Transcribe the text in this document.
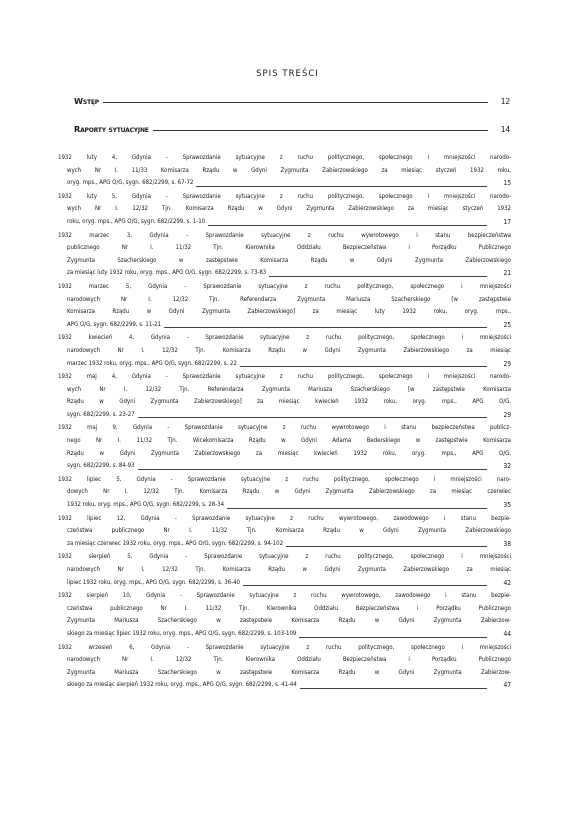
SPIS TREŚCI
Wstęp	12
Raporty sytuacyjne	14
1932 luty 4, Gdynia - Sprawozdanie sytuacyjne z ruchu politycznego, społecznego i mniejszości narodo-
wych Nr I. 11/33 Komisarza Rządu w Gdyni Zygmunta Zabierzowskiego za miesiąc styczeń 1932 roku,
oryg. mps., APG O/G, sygn. 682/2299, s. 67-72	15
1932 luty 5, Gdynia - Sprawozdanie sytuacyjne z ruchu politycznego, społecznego i mniejszości narodo-
wych Nr I. 12/32 Tjn. Komisarza Rządu w Gdyni Zygmunta Zabierzowskiego za miesiąc styczeń 1932
roku, oryg. mps., APG O/G, sygn. 682/2299, s. 1-10	17
1932 marzec 3, Gdynia - Sprawozdanie sytuacyjne z ruchu wywrotowego i stanu bezpieczeństwa
publicznego Nr I. 11/32 Tjn. Kierownika Oddziału Bezpieczeństwa i Porządku Publicznego
Zygmunta Szacherskiego w zastępstwie Komisarza Rządu w Gdyni Zygmunta Zabierzowskiego
za miesiąc luty 1932 roku, oryg. mps., APG O/G, sygn. 682/2299, s. 73-83	21
1932 marzec 5, Gdynia - Sprawozdanie sytuacyjne z ruchu politycznego, społecznego i mniejszości
narodowych Nr I. 12/32 Tjn. Referendarza Zygmunta Mariusza Szacherskiego [w zastępstwie
Komisarza Rządu w Gdyni Zygmunta Zabierzowskiego] za miesiąc luty 1932 roku, oryg. mps.,
APG O/G, sygn. 682/2299, s. 11-21	25
1932 kwiecień 4, Gdynia - Sprawozdanie sytuacyjne z ruchu politycznego, społecznego i mniejszości
narodowych Nr I. 12/32 Tjn. Komisarza Rządu w Gdyni Zygmunta Zabierzowskiego za miesiąc
marzec 1932 roku, oryg. mps., APG O/G, sygn. 682/2299, s. 22	29
1932 maj 4, Gdynia - Sprawozdanie sytuacyjne z ruchu politycznego, społecznego i mniejszości narodo-
wych Nr I. 12/32 Tjn. Referendarza Zygmunta Mariusza Szacherskiego [w zastępstwie Komisarza
Rządu w Gdyni Zygmunta Zabierzowskiego] za miesiąc kwiecień 1932 roku, oryg. mps., APG O/G,
sygn. 682/2299, s. 23-27	29
1932 maj 9, Gdynia - Sprawozdanie sytuacyjne z ruchu wywrotowego i stanu bezpieczeństwa publicz-
nego Nr I. 11/32 Tjn. Wicekomisarza Rządu w Gdyni Adama Bederskiego w zastępstwie Komisarza
Rządu w Gdyni Zygmunta Zabierzowskiego za miesiąc kwiecień 1932 roku, oryg. mps., APG O/G,
sygn. 682/2299, s. 84-93	32
1932 lipiec 5, Gdynia - Sprawozdanie sytuacyjne z ruchu politycznego, społecznego i mniejszości naro-
dowych Nr I. 12/32 Tjn. Komisarza Rządu w Gdyni Zygmunta Zabierzowskiego za miesiąc czerwiec
1932 roku, oryg. mps., APG O/G, sygn. 682/2299, s. 28-34	35
1932 lipiec 12, Gdynia - Sprawozdanie sytuacyjne z ruchu wywrotowego, zawodowego i stanu bezpie-
czeństwa publicznego Nr I. 11/32 Tjn. Komisarza Rządu w Gdyni Zygmunta Zabierzowskiego
za miesiąc czerwiec 1932 roku, oryg. mps., APG O/G, sygn. 682/2299, s. 94-102	38
1932 sierpień 5, Gdynia - Sprawozdanie sytuacyjne z ruchu politycznego, społecznego i mniejszości
narodowych Nr I. 12/32 Tjn. Komisarza Rządu w Gdyni Zygmunta Zabierzowskiego za miesiąc
lipiec 1932 roku, oryg. mps., APG O/G, sygn. 682/2299, s. 36-40	42
1932 sierpień 10, Gdynia - Sprawozdanie sytuacyjne z ruchu wywrotowego, zawodowego i stanu bezpie-
czeństwa publicznego Nr I. 11/32 Tjn. Kierownika Oddziału Bezpieczeństwa i Porządku Publicznego
Zygmunta Mariusza Szacherskiego w zastępstwie Komisarza Rządu w Gdyni Zygmunta Zabierzow-
skiego za miesiąc lipiec 1932 roku, oryg. mps., APG O/G, sygn. 682/2299, s. 103-109	44
1932 wrzesień 6, Gdynia - Sprawozdanie sytuacyjne z ruchu politycznego, społecznego i mniejszości
narodowych Nr I. 12/32 Tjn. Kierownika Oddziału Bezpieczeństwa i Porządku Publicznego
Zygmunta Mariusza Szacherskiego w zastępstwie Komisarza Rządu w Gdyni Zygmunta Zabierzow-
skiego za miesiąc sierpień 1932 roku, oryg. mps., APG O/G, sygn. 682/2299, s. 41-44	47
